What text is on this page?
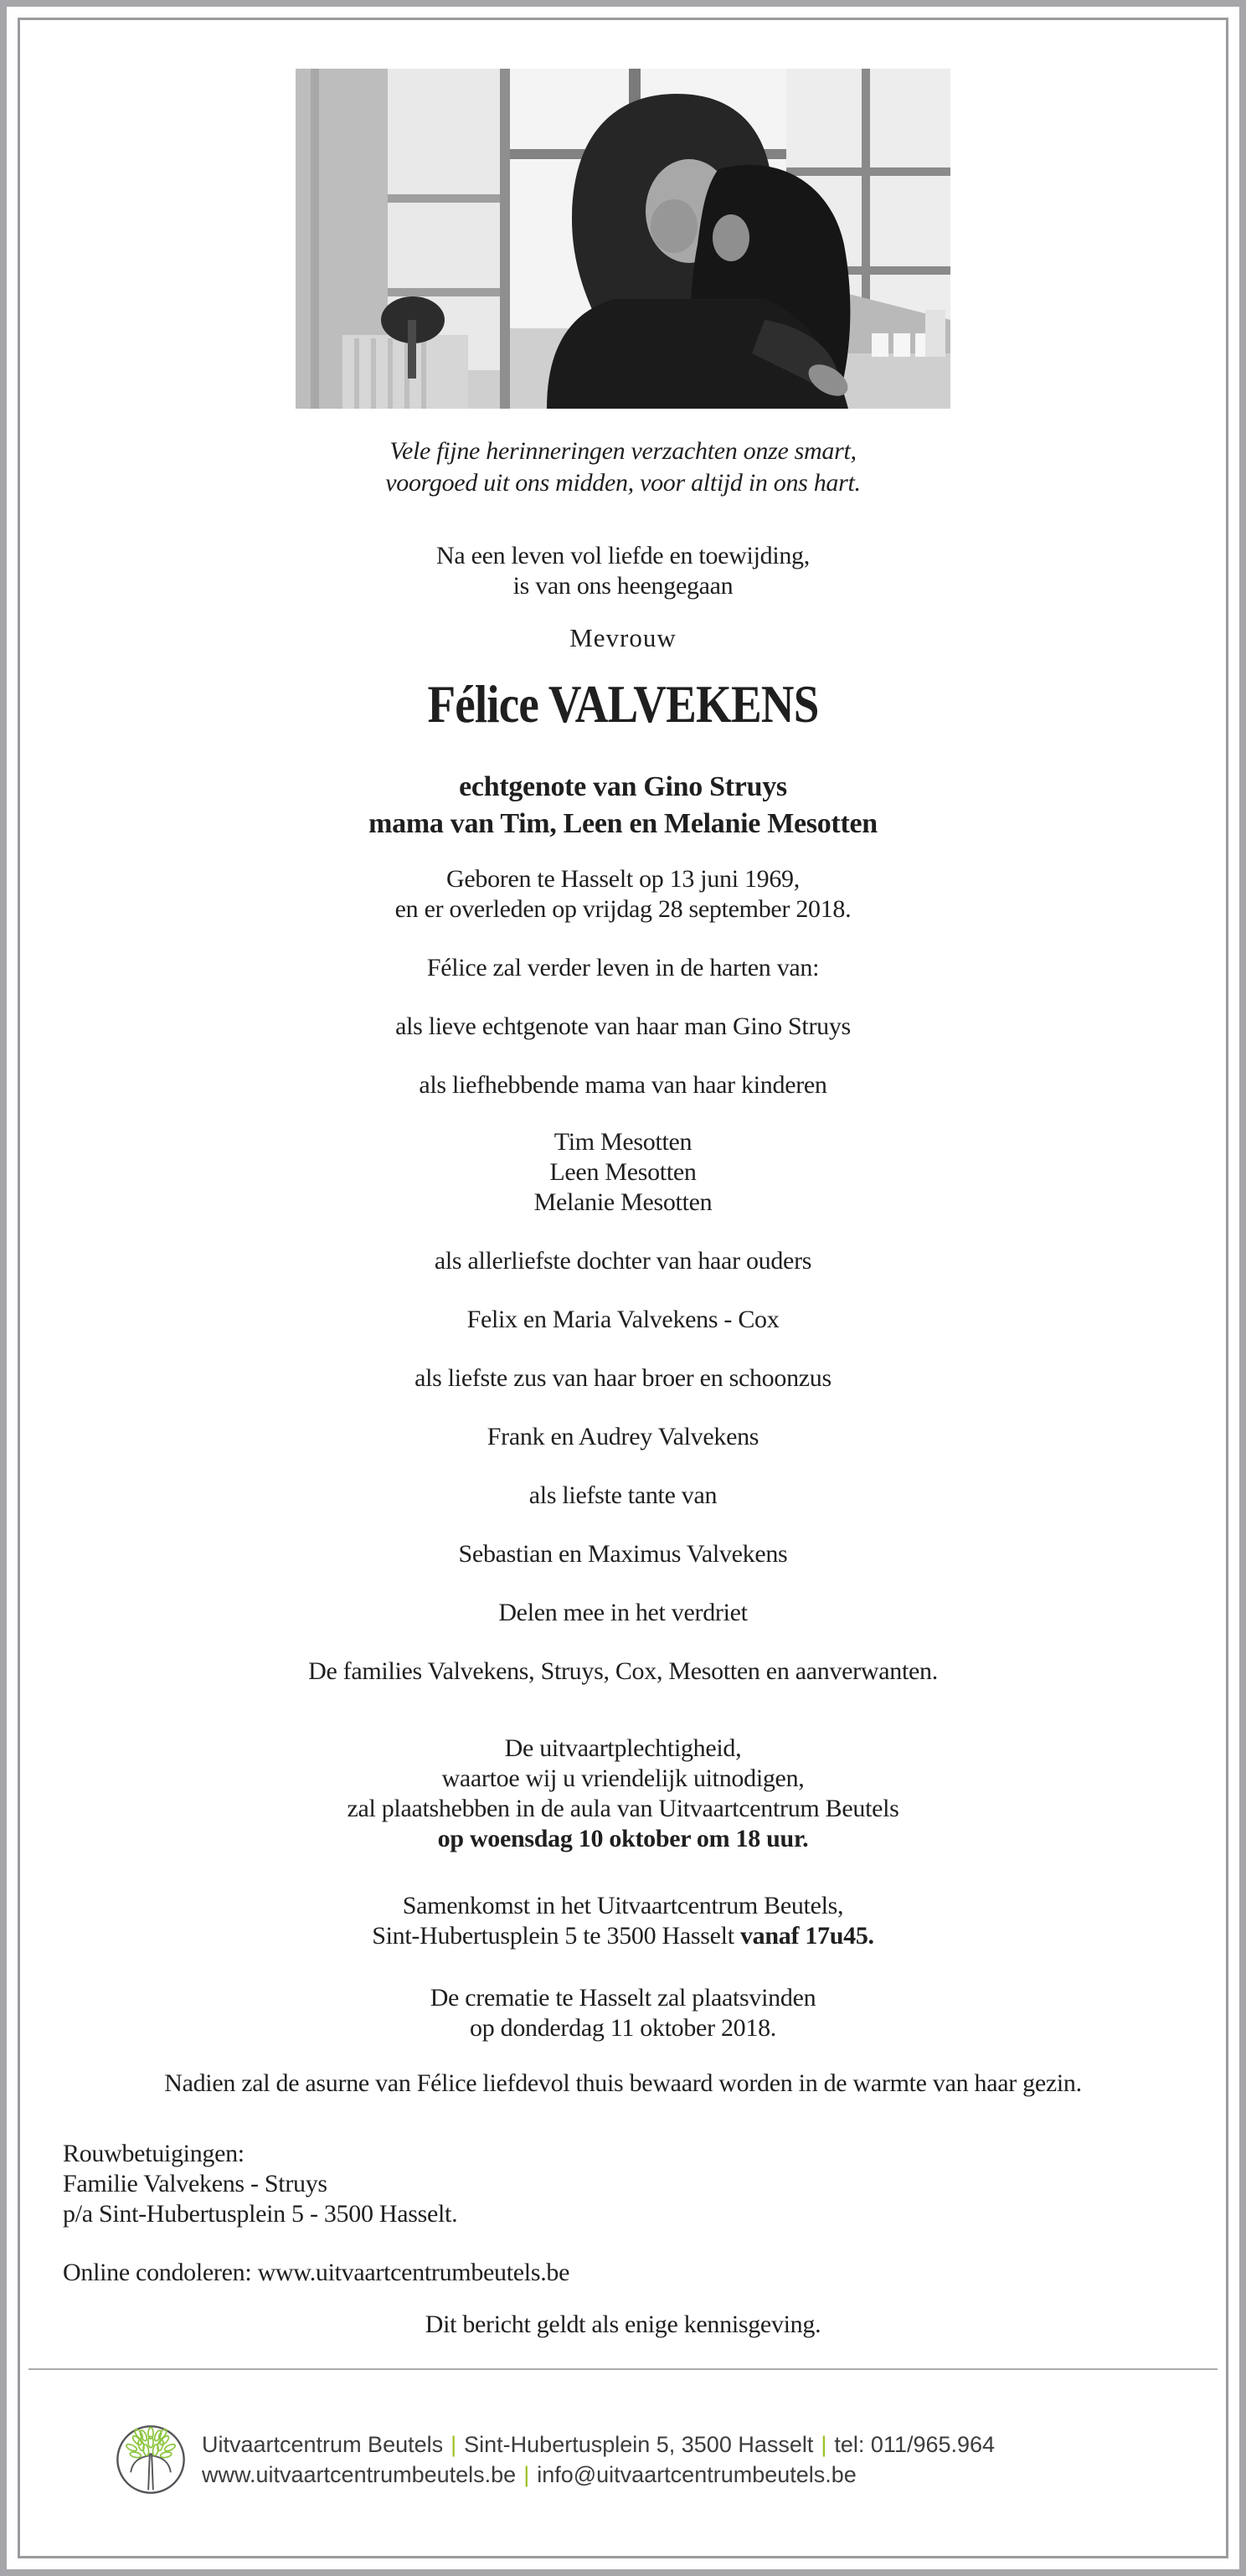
Vele fijne herinneringen verzachten onze smart,
voorgoed uit ons midden, voor altijd in ons hart.
Na een leven vol liefde en toewijding,
is van ons heengegaan
Mevrouw
Félice VALVEKENS
echtgenote van Gino Struys
mama van Tim, Leen en Melanie Mesotten
Geboren te Hasselt op 13 juni 1969,
en er overleden op vrijdag 28 september 2018.
Félice zal verder leven in de harten van:
als lieve echtgenote van haar man Gino Struys
als liefhebbende mama van haar kinderen
Tim Mesotten
Leen Mesotten
Melanie Mesotten
als allerliefste dochter van haar ouders
Felix en Maria Valvekens - Cox
als liefste zus van haar broer en schoonzus
Frank en Audrey Valvekens
als liefste tante van
Sebastian en Maximus Valvekens
Delen mee in het verdriet
De families Valvekens, Struys, Cox, Mesotten en aanverwanten.
De uitvaartplechtigheid,
waartoe wij u vriendelijk uitnodigen,
zal plaatshebben in de aula van Uitvaartcentrum Beutels
op woensdag 10 oktober om 18 uur.
Samenkomst in het Uitvaartcentrum Beutels,
Sint-Hubertusplein 5 te 3500 Hasselt vanaf 17u45.
De crematie te Hasselt zal plaatsvinden
op donderdag 11 oktober 2018.
Nadien zal de asurne van Félice liefdevol thuis bewaard worden in de warmte van haar gezin.
Rouwbetuigingen:
Familie Valvekens - Struys
p/a Sint-Hubertusplein 5 - 3500 Hasselt.
Online condoleren: www.uitvaartcentrumbeutels.be
Dit bericht geldt als enige kennisgeving.
Uitvaartcentrum Beutels | Sint-Hubertusplein 5, 3500 Hasselt | tel: 011/965.964
www.uitvaartcentrumbeutels.be | info@uitvaartcentrumbeutels.be
